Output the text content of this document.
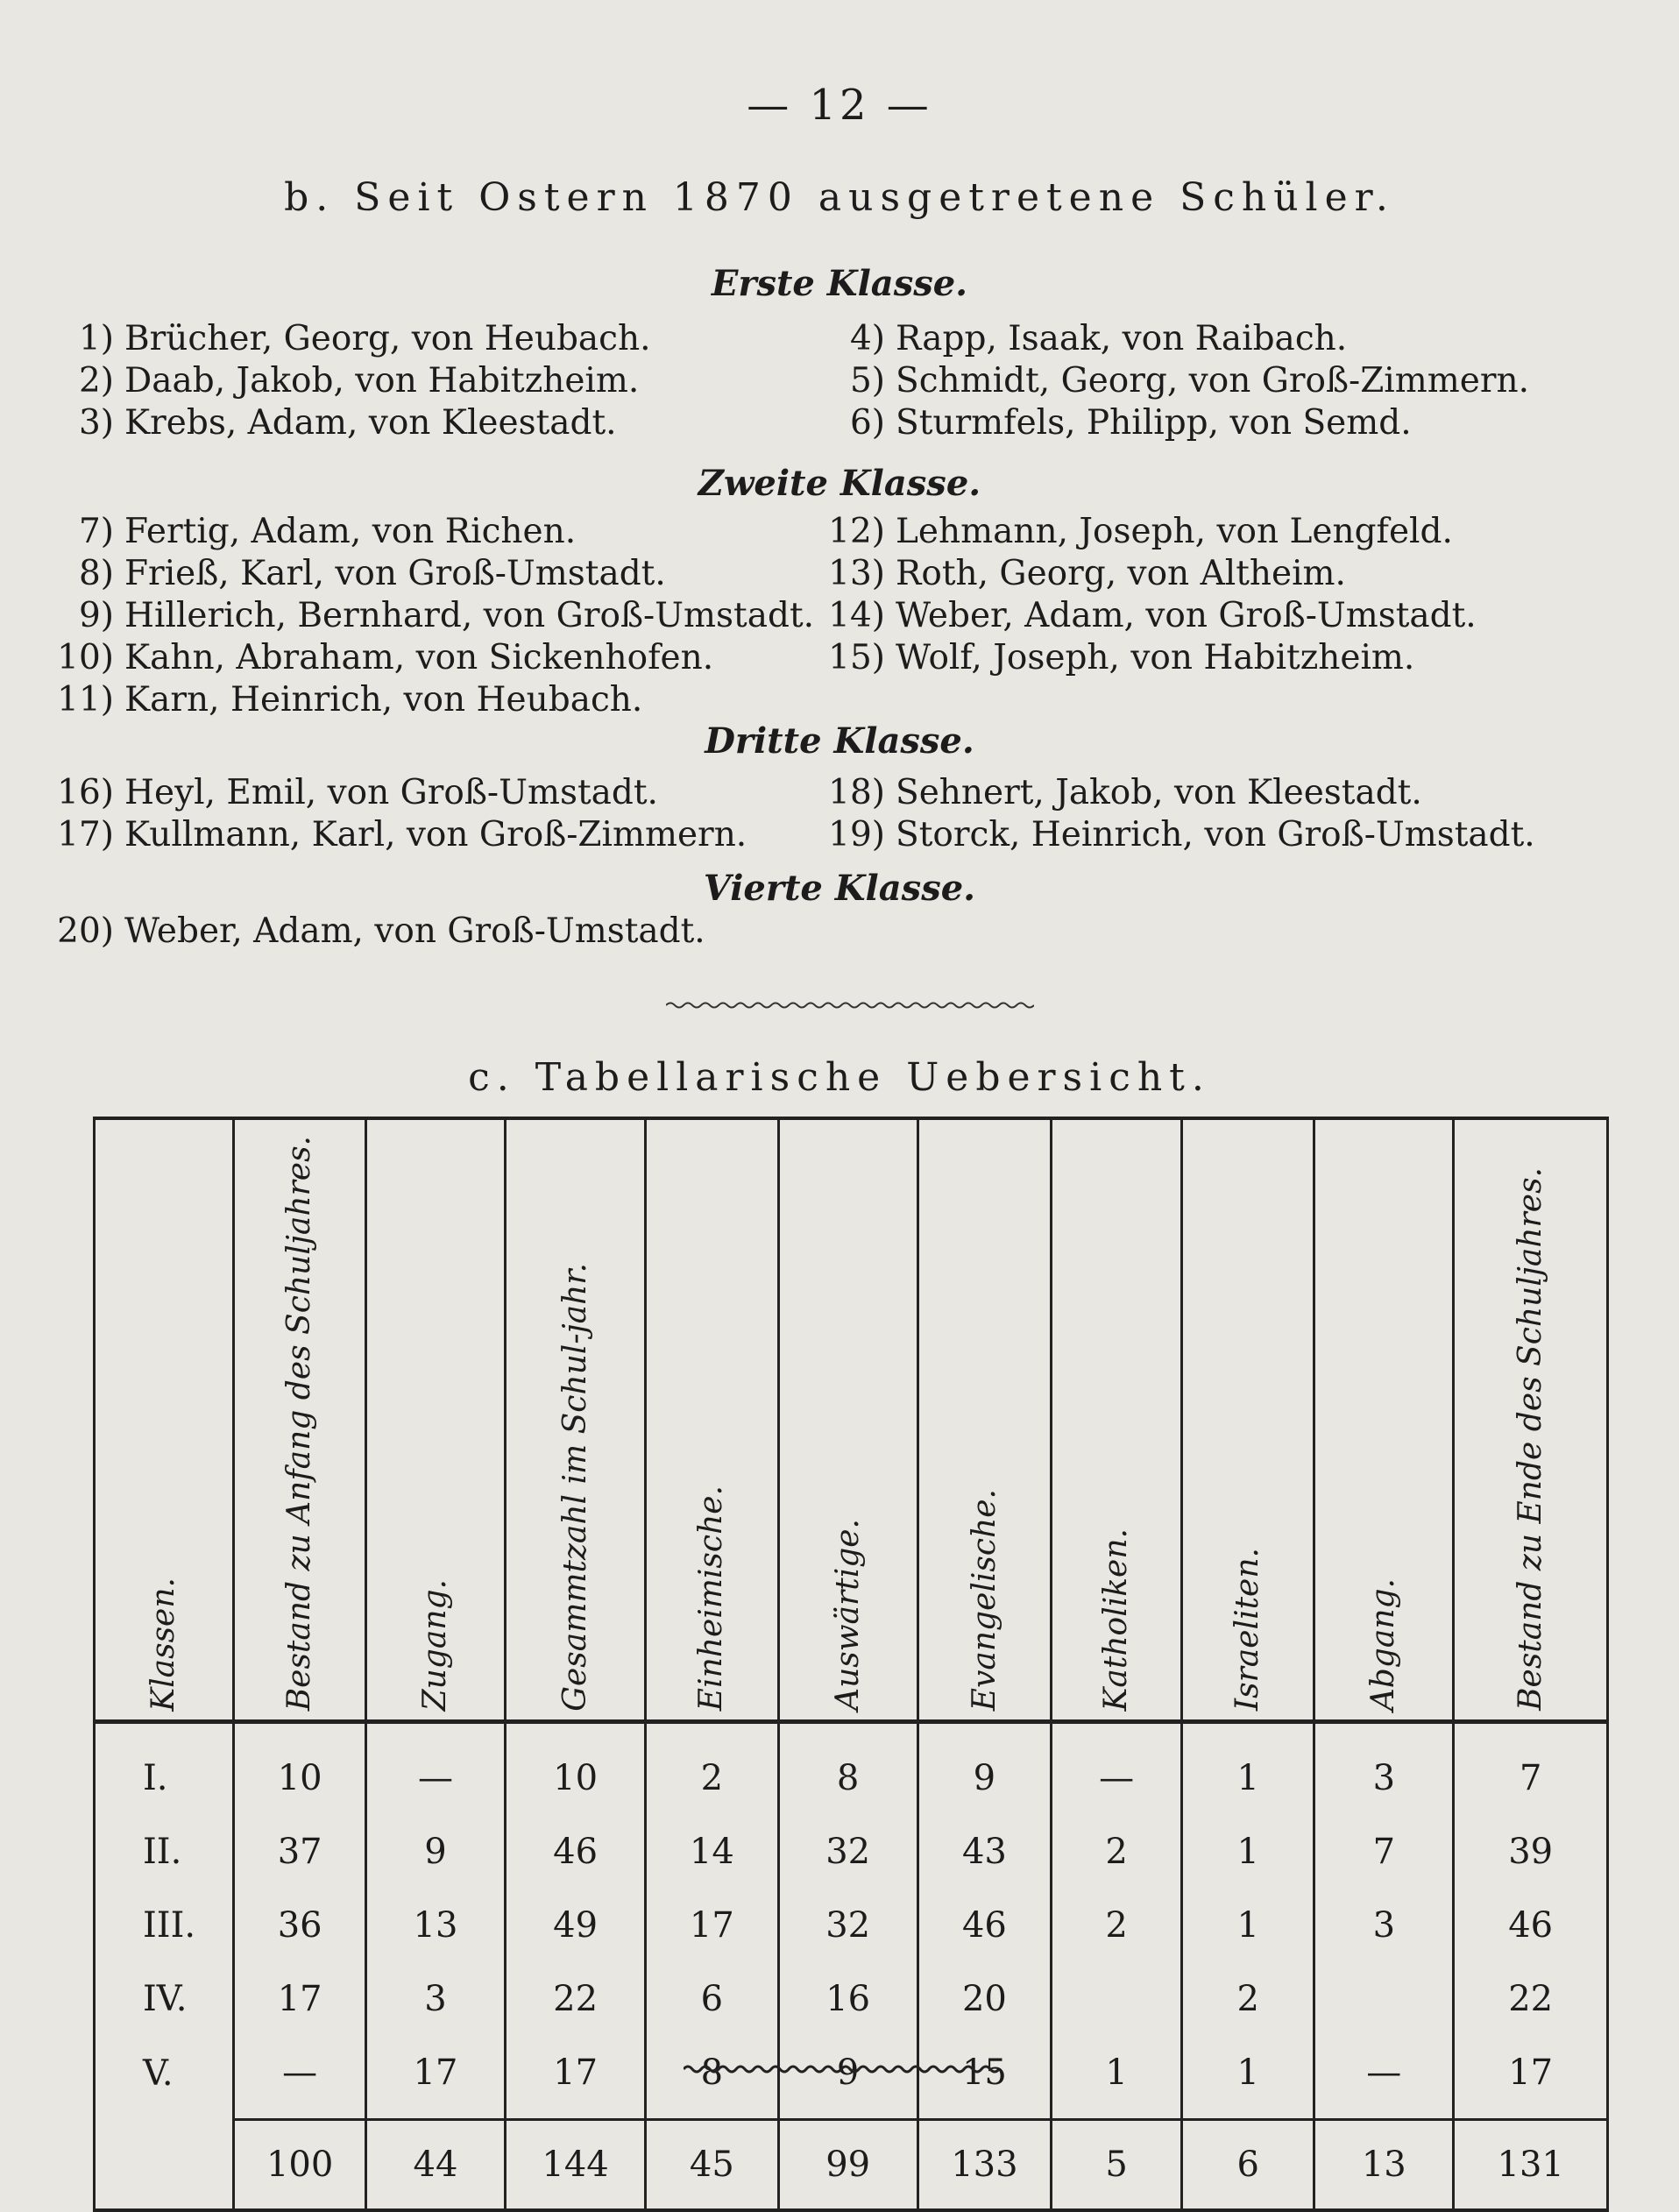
— 12 —
b. Seit Ostern 1870 ausgetretene Schüler.
Erste Klasse.
1) Brücher, Georg, von Heubach.
2) Daab, Jakob, von Habitzheim.
3) Krebs, Adam, von Kleestadt.
4) Rapp, Isaak, von Raibach.
5) Schmidt, Georg, von Groß-Zimmern.
6) Sturmfels, Philipp, von Semd.
Zweite Klasse.
7) Fertig, Adam, von Richen.
8) Frieß, Karl, von Groß-Umstadt.
9) Hillerich, Bernhard, von Groß-Umstadt.
10) Kahn, Abraham, von Sickenhofen.
11) Karn, Heinrich, von Heubach.
12) Lehmann, Joseph, von Lengfeld.
13) Roth, Georg, von Altheim.
14) Weber, Adam, von Groß-Umstadt.
15) Wolf, Joseph, von Habitzheim.
Dritte Klasse.
16) Heyl, Emil, von Groß-Umstadt.
17) Kullmann, Karl, von Groß-Zimmern.
18) Sehnert, Jakob, von Kleestadt.
19) Storck, Heinrich, von Groß-Umstadt.
Vierte Klasse.
20) Weber, Adam, von Groß-Umstadt.
c. Tabellarische Uebersicht.
Klassen.	Bestand zu Anfang des Schuljahres.	Zugang.	Gesammtzahl im Schul-jahr.	Einheimische.	Auswärtige.	Evangelische.	Katholiken.	Israeliten.	Abgang.	Bestand zu Ende des Schuljahres.
I.	10	—	10	2	8	9	—	1	3	7
II.	37	9	46	14	32	43	2	1	7	39
III.	36	13	49	17	32	46	2	1	3	46
IV.	17	3	22	6	16	20		2		22
V.	—	17	17	8	9	15	1	1	—	17
	100	44	144	45	99	133	5	6	13	131
